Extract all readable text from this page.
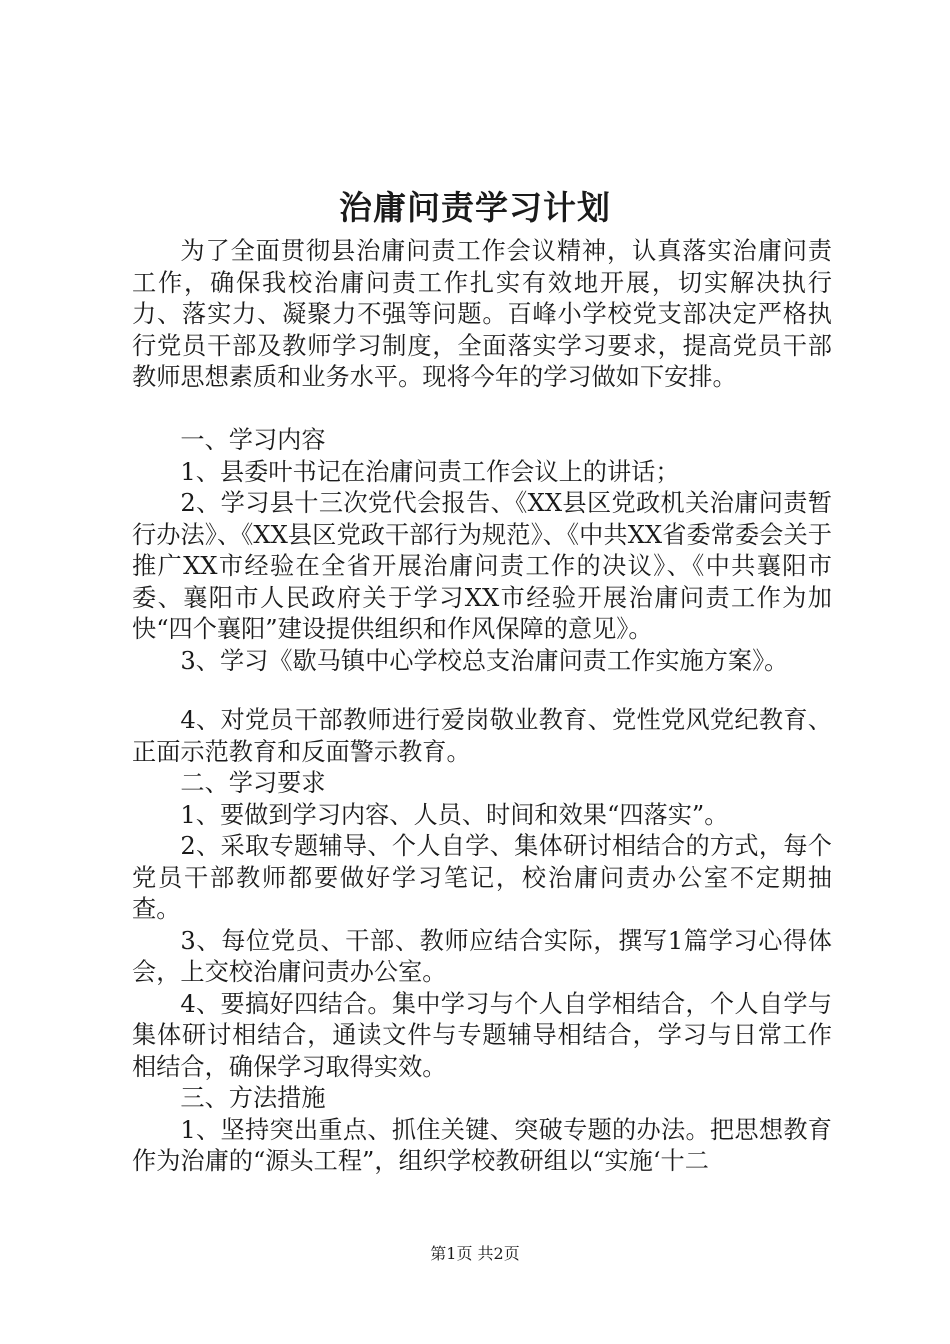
治庸问责学习计划

为了全面贯彻县治庸问责工作会议精神，认真落实治庸问责工作，确保我校治庸问责工作扎实有效地开展，切实解决执行力、落实力、凝聚力不强等问题。百峰小学校党支部决定严格执行党员干部及教师学习制度，全面落实学习要求，提高党员干部教师思想素质和业务水平。现将今年的学习做如下安排。

一、学习内容

1、县委叶书记在治庸问责工作会议上的讲话；

2、学习县十三次党代会报告、《XX县区党政机关治庸问责暂行办法》、《XX县区党政干部行为规范》、《中共XX省委常委会关于推广XX市经验在全省开展治庸问责工作的决议》、《中共襄阳市委、襄阳市人民政府关于学习XX市经验开展治庸问责工作为加快“四个襄阳”建设提供组织和作风保障的意见》。

3、学习《歇马镇中心学校总支治庸问责工作实施方案》。

4、对党员干部教师进行爱岗敬业教育、党性党风党纪教育、正面示范教育和反面警示教育。

二、学习要求

1、要做到学习内容、人员、时间和效果“四落实”。

2、采取专题辅导、个人自学、集体研讨相结合的方式，每个党员干部教师都要做好学习笔记，校治庸问责办公室不定期抽查。

3、每位党员、干部、教师应结合实际，撰写1篇学习心得体会，上交校治庸问责办公室。

4、要搞好四结合。集中学习与个人自学相结合，个人自学与集体研讨相结合，通读文件与专题辅导相结合，学习与日常工作相结合，确保学习取得实效。

三、方法措施

1、坚持突出重点、抓住关键、突破专题的办法。把思想教育作为治庸的“源头工程”，组织学校教研组以“实施‘十二

第1页 共2页
